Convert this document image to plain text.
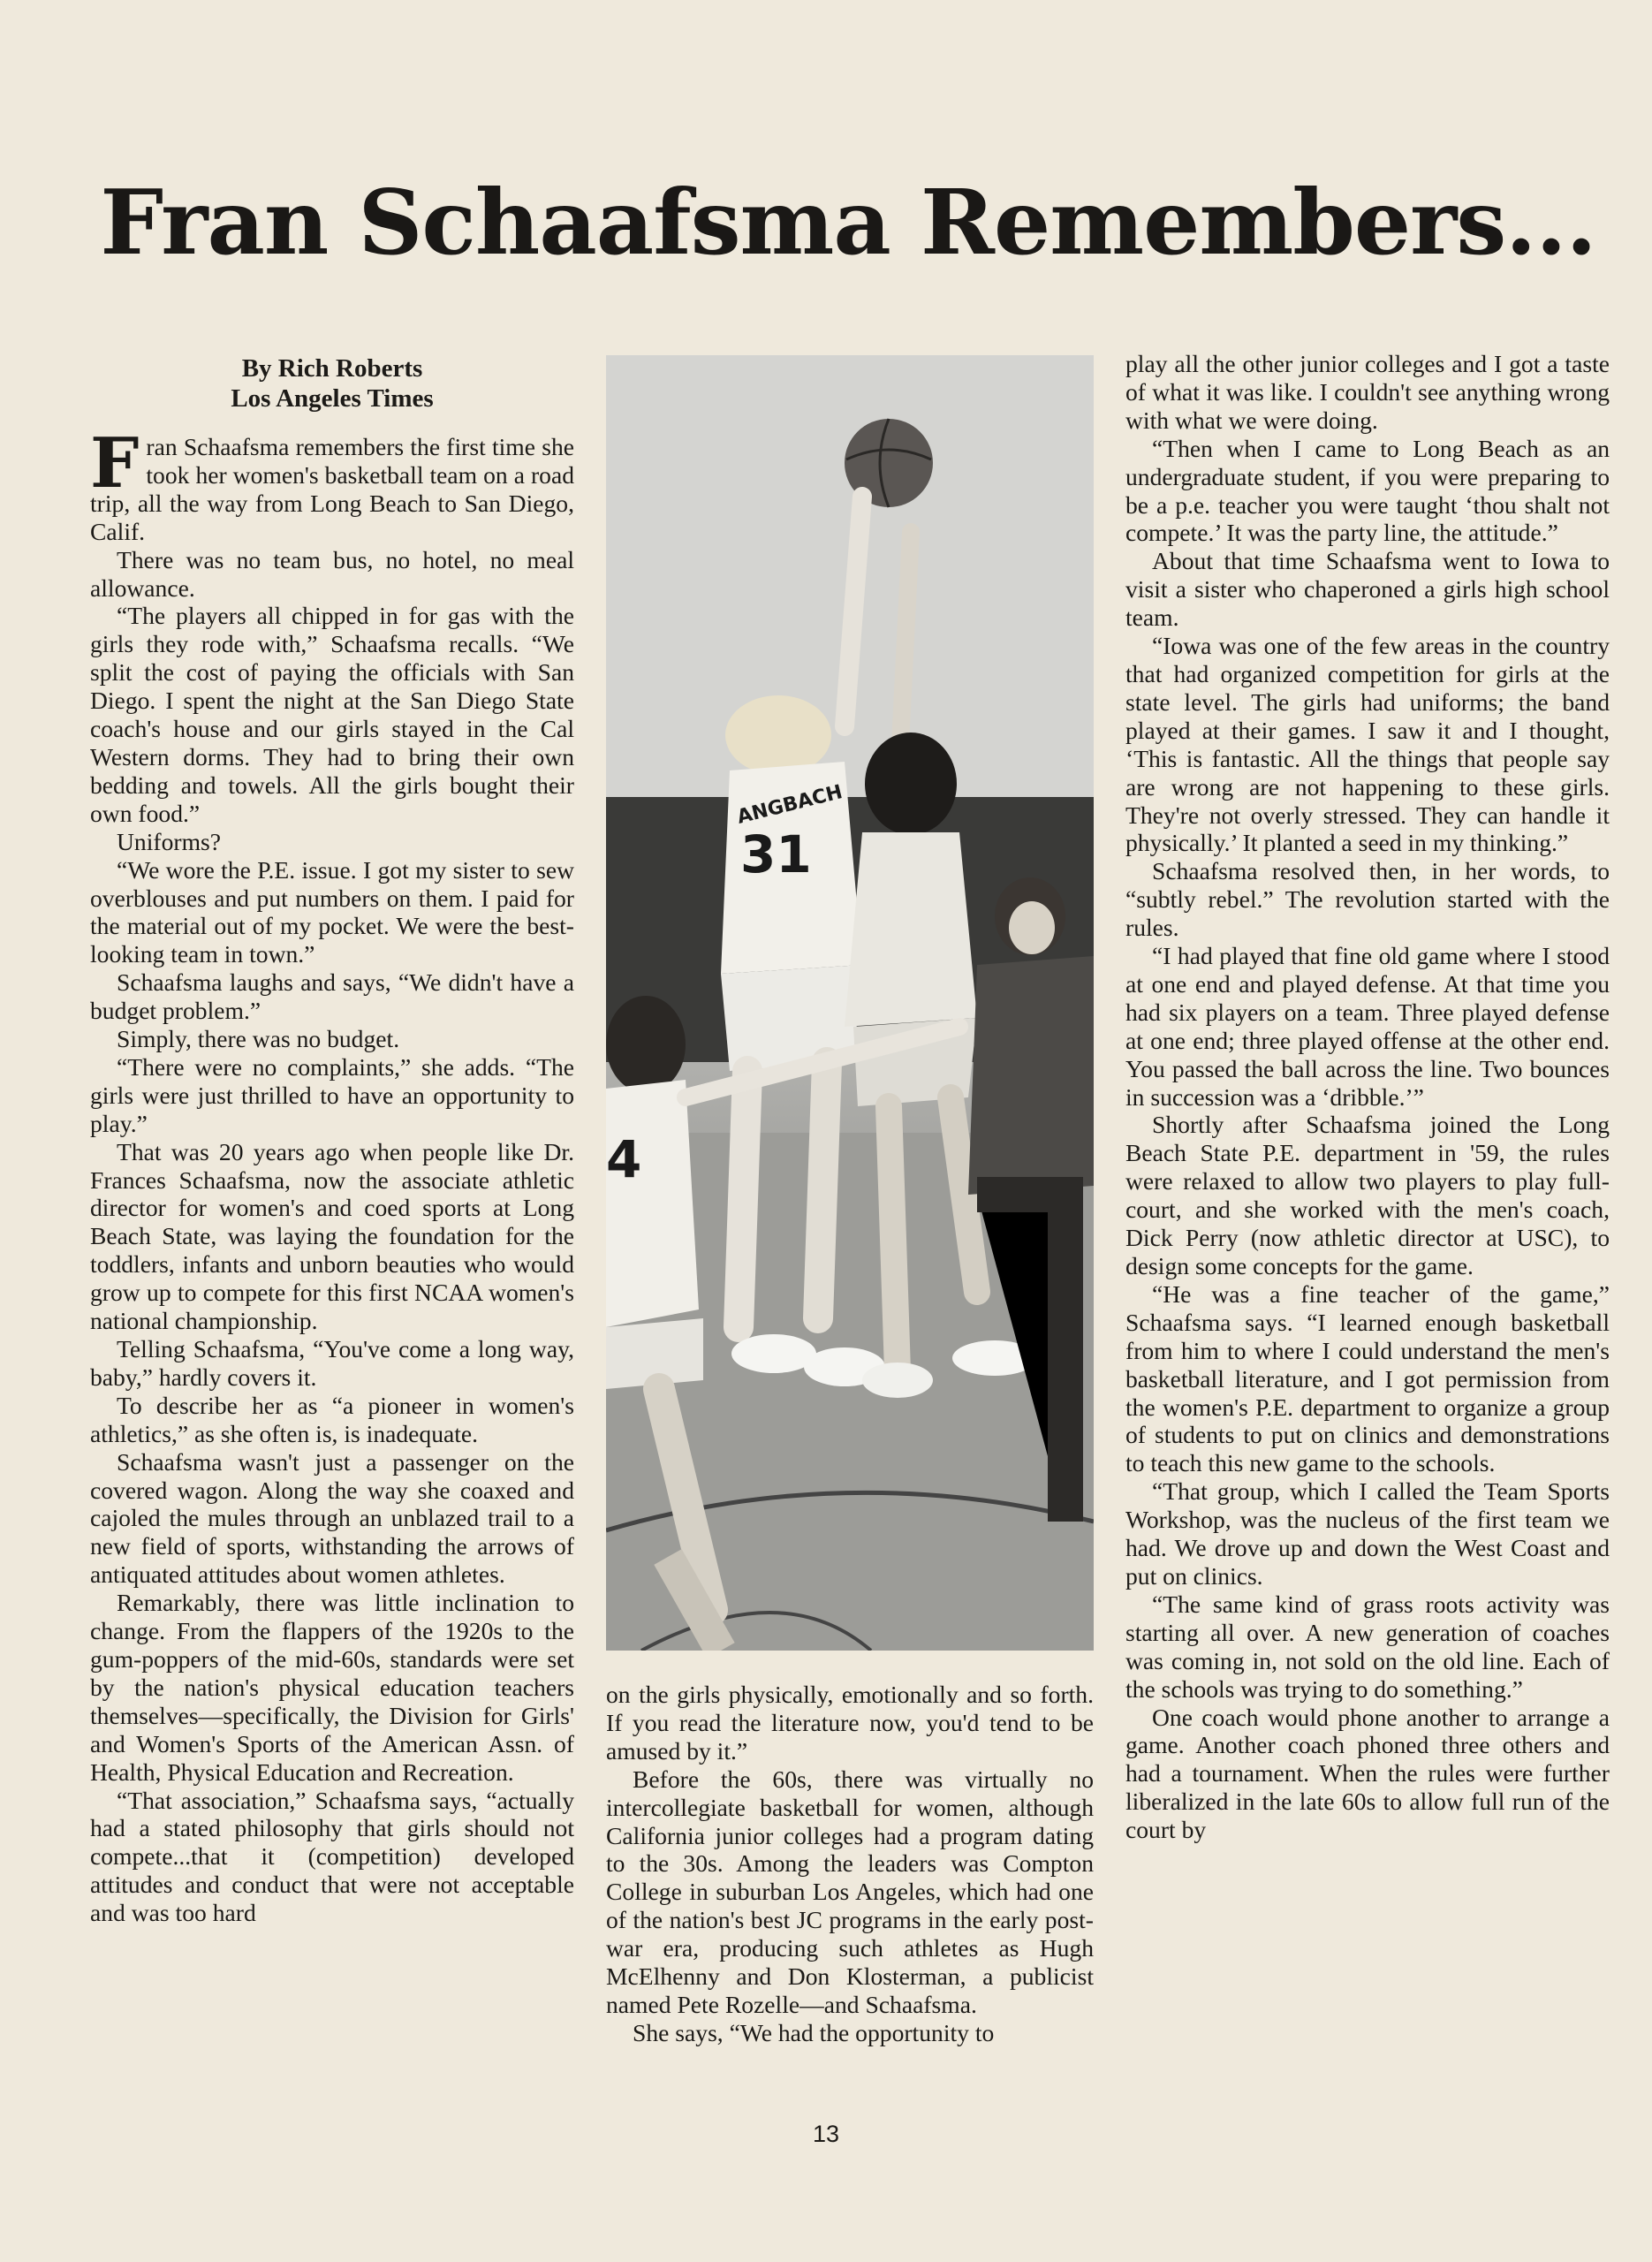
Fran Schaafsma Remembers...
By Rich Roberts
Los Angeles Times

Fran Schaafsma remembers the first time she took her women's basketball team on a road trip, all the way from Long Beach to San Diego, Calif.

There was no team bus, no hotel, no meal allowance.

“The players all chipped in for gas with the girls they rode with,” Schaafsma recalls. “We split the cost of paying the officials with San Diego. I spent the night at the San Diego State coach's house and our girls stayed in the Cal Western dorms. They had to bring their own bedding and towels. All the girls bought their own food.”

Uniforms?

“We wore the P.E. issue. I got my sister to sew overblouses and put numbers on them. I paid for the material out of my pocket. We were the best-looking team in town.”

Schaafsma laughs and says, “We didn't have a budget problem.”

Simply, there was no budget.

“There were no complaints,” she adds. “The girls were just thrilled to have an opportunity to play.”

That was 20 years ago when people like Dr. Frances Schaafsma, now the associate athletic director for women's and coed sports at Long Beach State, was laying the foundation for the toddlers, infants and unborn beauties who would grow up to compete for this first NCAA women's national championship.

Telling Schaafsma, “You've come a long way, baby,” hardly covers it.

To describe her as “a pioneer in women's athletics,” as she often is, is inadequate.

Schaafsma wasn't just a passenger on the covered wagon. Along the way she coaxed and cajoled the mules through an unblazed trail to a new field of sports, withstanding the arrows of antiquated attitudes about women athletes.

Remarkably, there was little inclination to change. From the flappers of the 1920s to the gum-poppers of the mid-60s, standards were set by the nation's physical education teachers themselves—specifically, the Division for Girls' and Women's Sports of the American Assn. of Health, Physical Education and Recreation.

“That association,” Schaafsma says, “actually had a stated philosophy that girls should not compete...that it (competition) developed attitudes and conduct that were not acceptable and was too hard

31
ANGBACH
4

on the girls physically, emotionally and so forth. If you read the literature now, you'd tend to be amused by it.”

Before the 60s, there was virtually no intercollegiate basketball for women, although California junior colleges had a program dating to the 30s. Among the leaders was Compton College in suburban Los Angeles, which had one of the nation's best JC programs in the early post-war era, producing such athletes as Hugh McElhenny and Don Klosterman, a publicist named Pete Rozelle—and Schaafsma.

She says, “We had the opportunity to

play all the other junior colleges and I got a taste of what it was like. I couldn't see anything wrong with what we were doing.

“Then when I came to Long Beach as an undergraduate student, if you were preparing to be a p.e. teacher you were taught ‘thou shalt not compete.’ It was the party line, the attitude.”

About that time Schaafsma went to Iowa to visit a sister who chaperoned a girls high school team.

“Iowa was one of the few areas in the country that had organized competition for girls at the state level. The girls had uniforms; the band played at their games. I saw it and I thought, ‘This is fantastic. All the things that people say are wrong are not happening to these girls. They're not overly stressed. They can handle it physically.’ It planted a seed in my thinking.”

Schaafsma resolved then, in her words, to “subtly rebel.” The revolution started with the rules.

“I had played that fine old game where I stood at one end and played defense. At that time you had six players on a team. Three played defense at one end; three played offense at the other end. You passed the ball across the line. Two bounces in succession was a ‘dribble.’”

Shortly after Schaafsma joined the Long Beach State P.E. department in '59, the rules were relaxed to allow two players to play full-court, and she worked with the men's coach, Dick Perry (now athletic director at USC), to design some concepts for the game.

“He was a fine teacher of the game,” Schaafsma says. “I learned enough basketball from him to where I could understand the men's basketball literature, and I got permission from the women's P.E. department to organize a group of students to put on clinics and demonstrations to teach this new game to the schools.

“That group, which I called the Team Sports Workshop, was the nucleus of the first team we had. We drove up and down the West Coast and put on clinics.

“The same kind of grass roots activity was starting all over. A new generation of coaches was coming in, not sold on the old line. Each of the schools was trying to do something.”

One coach would phone another to arrange a game. Another coach phoned three others and had a tournament. When the rules were further liberalized in the late 60s to allow full run of the court by

13
